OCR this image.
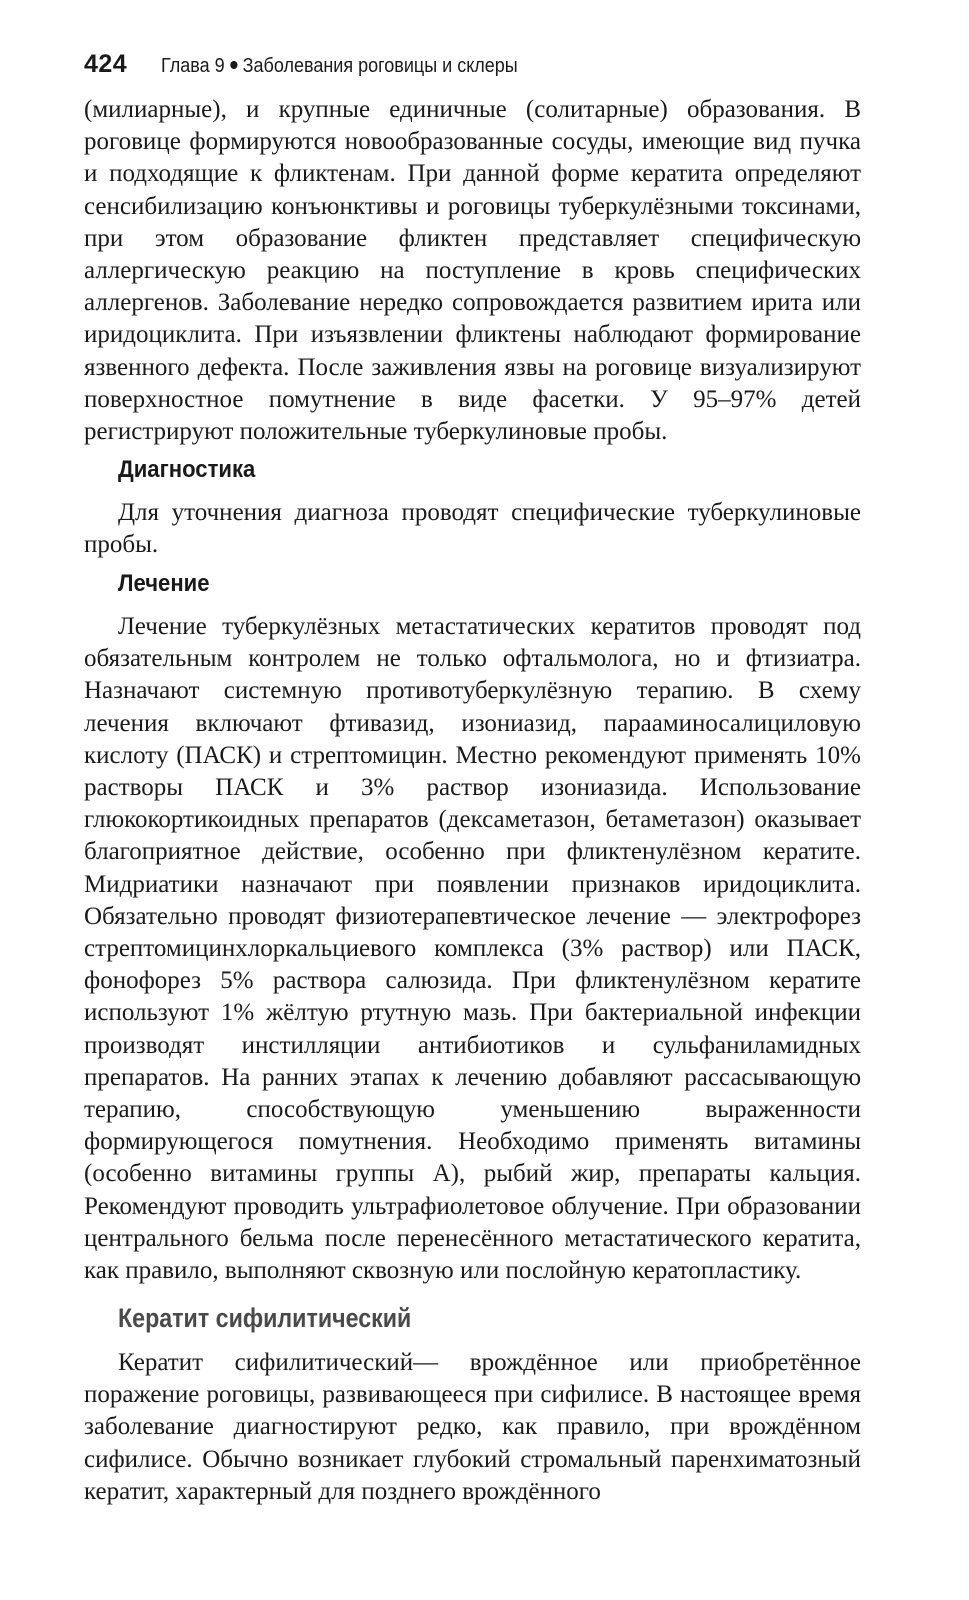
424 Глава 9 Заболевания роговицы и склеры

(милиарные), и крупные единичные (солитарные) образования. В роговице формируются новообразованные сосуды, имеющие вид пучка и подходящие к фликтенам. При данной форме кератита определяют сенсибилизацию конъюнктивы и роговицы туберкулёзными токсинами, при этом образование фликтен представляет специфическую аллергическую реакцию на поступление в кровь специфических аллергенов. Заболевание нередко сопровождается развитием ирита или иридоциклита. При изъязвлении фликтены наблюдают формирование язвенного дефекта. После заживления язвы на роговице визуализируют поверхностное помутнение в виде фасетки. У 95–97% детей регистрируют положительные туберкулиновые пробы.

Диагностика

Для уточнения диагноза проводят специфические туберкулиновые пробы.

Лечение

Лечение туберкулёзных метастатических кератитов проводят под обязательным контролем не только офтальмолога, но и фтизиатра. Назначают системную противотуберкулёзную терапию. В схему лечения включают фтивазид, изониазид, парааминосалициловую кислоту (ПАСК) и стрептомицин. Местно рекомендуют применять 10% растворы ПАСК и 3% раствор изониазида. Использование глюкокортикоидных препаратов (дексаметазон, бетаметазон) оказывает благоприятное действие, особенно при фликтенулёзном кератите. Мидриатики назначают при появлении признаков иридоциклита. Обязательно проводят физиотерапевтическое лечение — электрофорез стрептомицинхлоркальциевого комплекса (3% раствор) или ПАСК, фонофорез 5% раствора салюзида. При фликтенулёзном кератите используют 1% жёлтую ртутную мазь. При бактериальной инфекции производят инстилляции антибиотиков и сульфаниламидных препаратов. На ранних этапах к лечению добавляют рассасывающую терапию, способствующую уменьшению выраженности формирующегося помутнения. Необходимо применять витамины (особенно витамины группы А), рыбий жир, препараты кальция. Рекомендуют проводить ультрафиолетовое облучение. При образовании центрального бельма после перенесённого метастатического кератита, как правило, выполняют сквозную или послойную кератопластику.

Кератит сифилитический

Кератит сифилитический— врождённое или приобретённое поражение роговицы, развивающееся при сифилисе. В настоящее время заболевание диагностируют редко, как правило, при врождённом сифилисе. Обычно возникает глубокий стромальный паренхиматозный кератит, характерный для позднего врождённого
